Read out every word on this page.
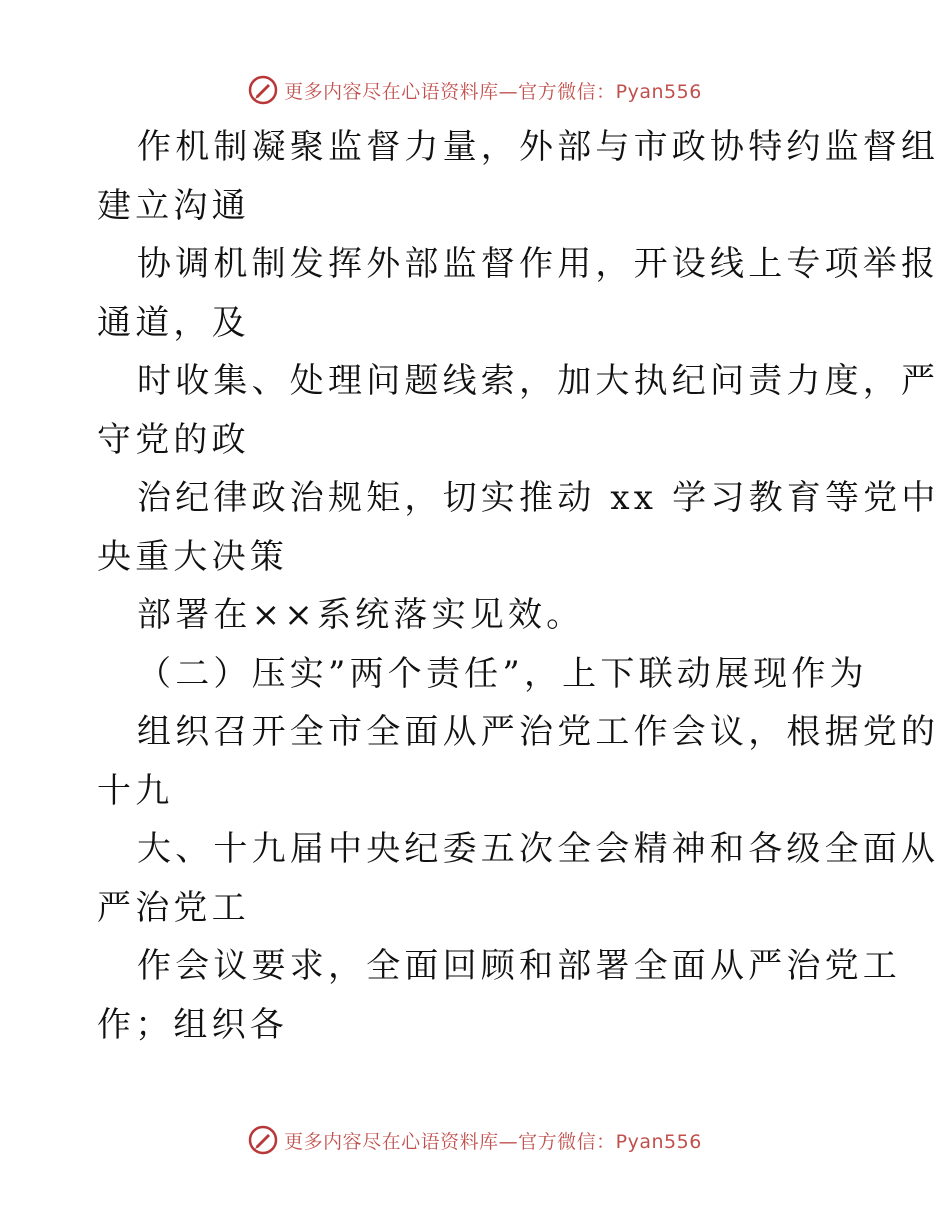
更多内容尽在心语资料库—官方微信：Pyan556
作机制凝聚监督力量，外部与市政协特约监督组
建立沟通
协调机制发挥外部监督作用，开设线上专项举报
通道，及
时收集、处理问题线索，加大执纪问责力度，严
守党的政
治纪律政治规矩，切实推动 xx 学习教育等党中
央重大决策
部署在××系统落实见效。
（二）压实”两个责任”，上下联动展现作为
组织召开全市全面从严治党工作会议，根据党的
十九
大、十九届中央纪委五次全会精神和各级全面从
严治党工
作会议要求，全面回顾和部署全面从严治党工
作；组织各
更多内容尽在心语资料库—官方微信：Pyan556
